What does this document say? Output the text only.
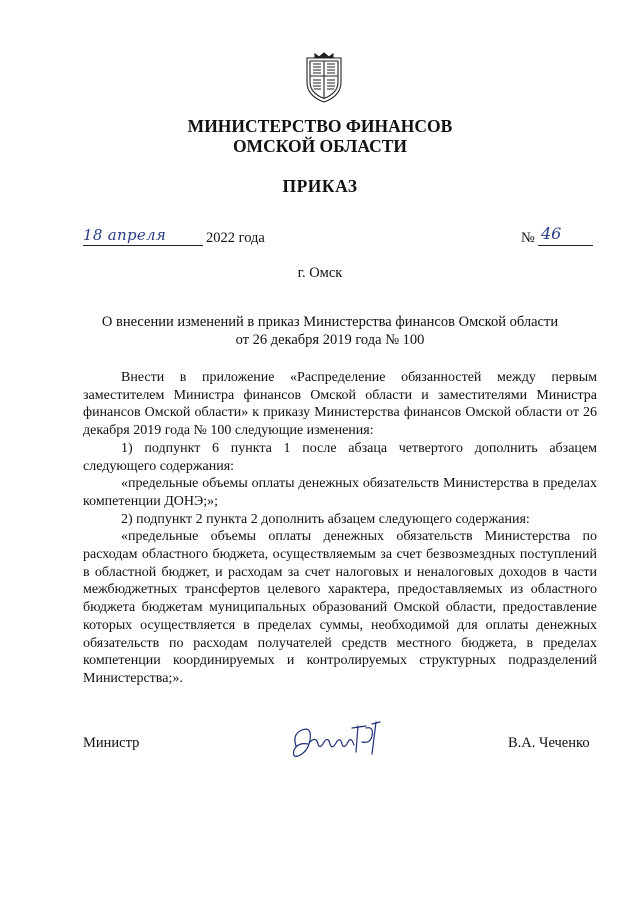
МИНИСТЕРСТВО ФИНАНСОВ
ОМСКОЙ ОБЛАСТИ
ПРИКАЗ
18 апреля	2022 года	№ 46
г. Омск
О внесении изменений в приказ Министерства финансов Омской области
от 26 декабря 2019 года № 100

Внести в приложение «Распределение обязанностей между первым заместителем Министра финансов Омской области и заместителями Министра финансов Омской области» к приказу Министерства финансов Омской области от 26 декабря 2019 года № 100 следующие изменения:

1) подпункт 6 пункта 1 после абзаца четвертого дополнить абзацем следующего содержания:

«предельные объемы оплаты денежных обязательств Министерства в пределах компетенции ДОНЭ;»;

2) подпункт 2 пункта 2 дополнить абзацем следующего содержания:

«предельные объемы оплаты денежных обязательств Министерства по расходам областного бюджета, осуществляемым за счет безвозмездных поступлений в областной бюджет, и расходам за счет налоговых и неналоговых доходов в части межбюджетных трансфертов целевого характера, предоставляемых из областного бюджета бюджетам муниципальных образований Омской области, предоставление которых осуществляется в пределах суммы, необходимой для оплаты денежных обязательств по расходам получателей средств местного бюджета, в пределах компетенции координируемых и контролируемых структурных подразделений Министерства;».

Министр	В.А. Чеченко
